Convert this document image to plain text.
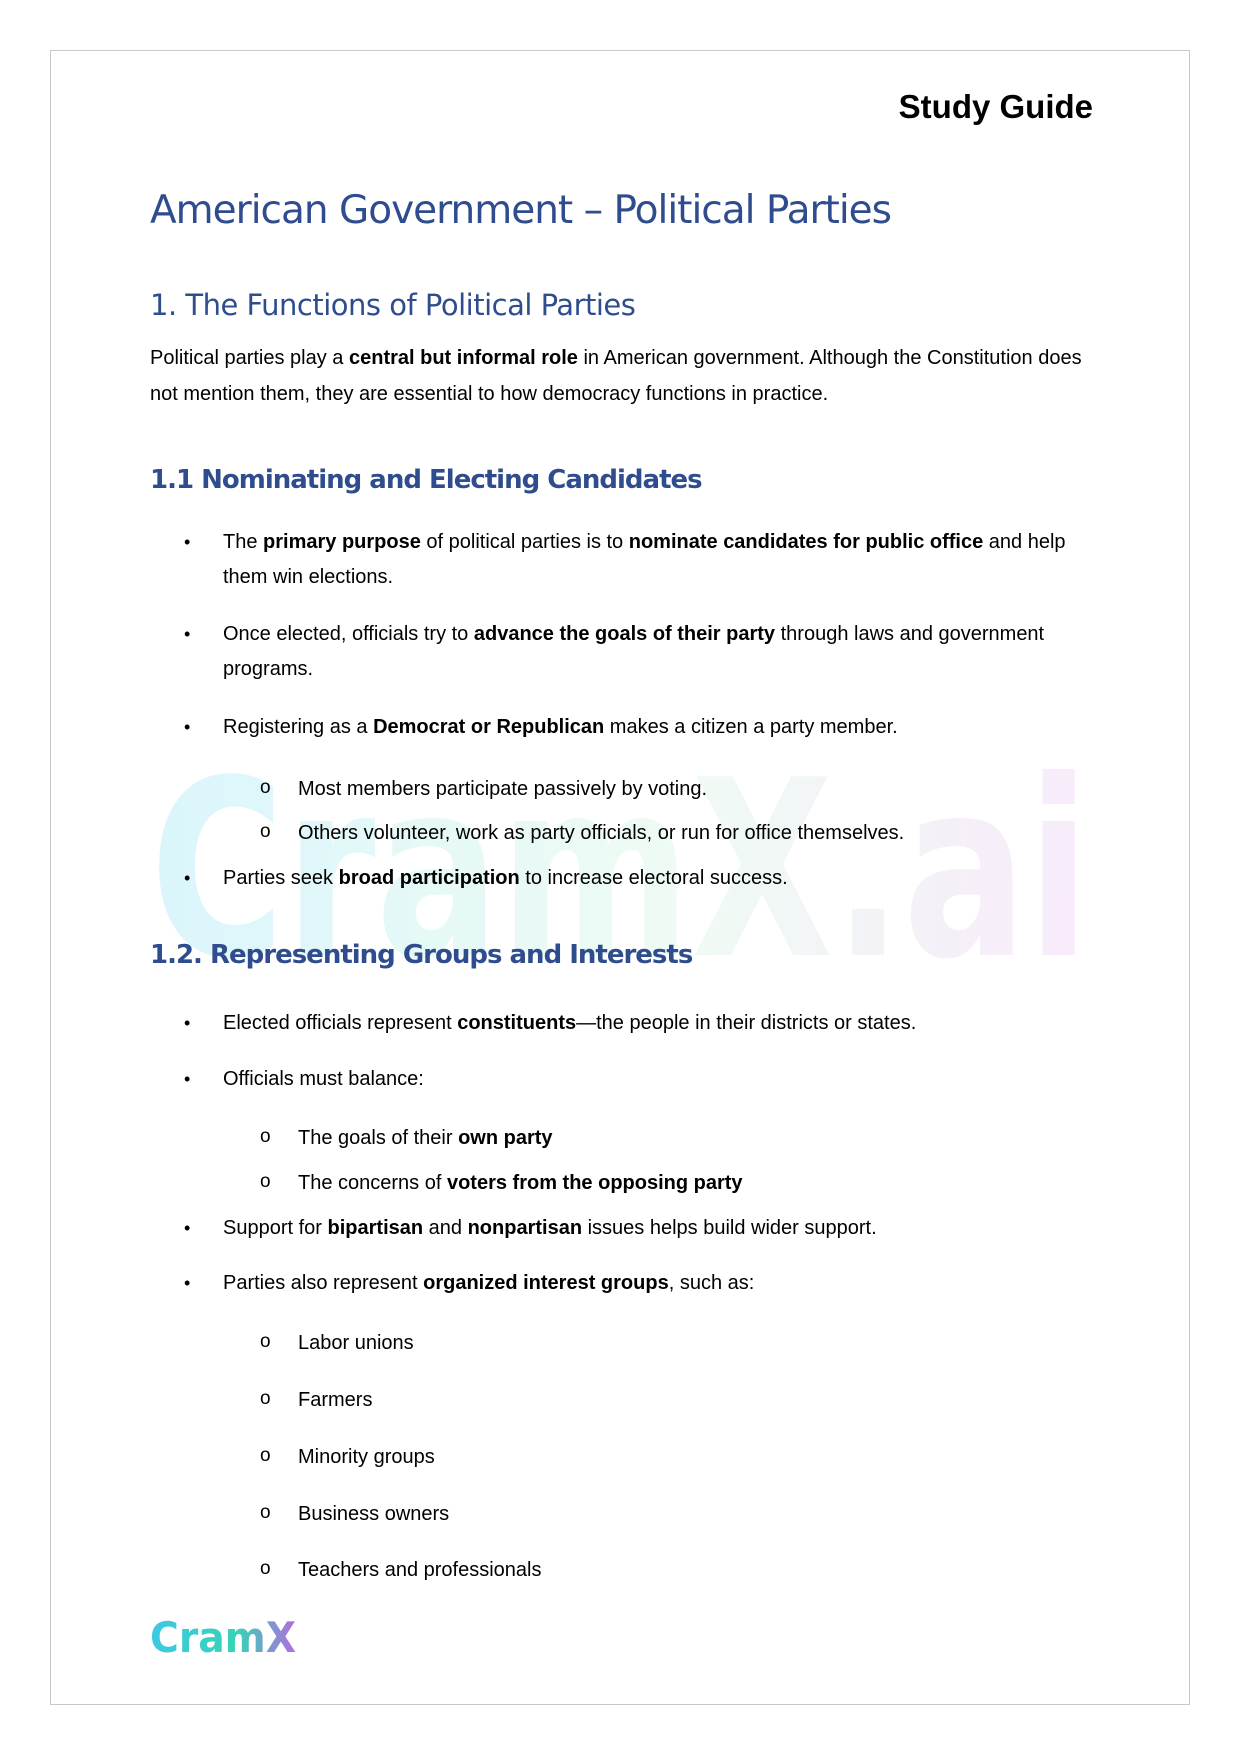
CramX.ai
Study Guide
American Government – Political Parties
1. The Functions of Political Parties

Political parties play a central but informal role in American government. Although the Constitution does not mention them, they are essential to how democracy functions in practice.

1.1 Nominating and Electing Candidates
• The primary purpose of political parties is to nominate candidates for public office and help them win elections.

• Once elected, officials try to advance the goals of their party through laws and government programs.

• Registering as a Democrat or Republican makes a citizen a party member.

o Most members participate passively by voting.

o Others volunteer, work as party officials, or run for office themselves.

• Parties seek broad participation to increase electoral success.

1.2. Representing Groups and Interests
• Elected officials represent constituents—the people in their districts or states.

• Officials must balance:

o The goals of their own party

o The concerns of voters from the opposing party

• Support for bipartisan and nonpartisan issues helps build wider support.

• Parties also represent organized interest groups, such as:

o Labor unions

o Farmers

o Minority groups

o Business owners

o Teachers and professionals

CramX
